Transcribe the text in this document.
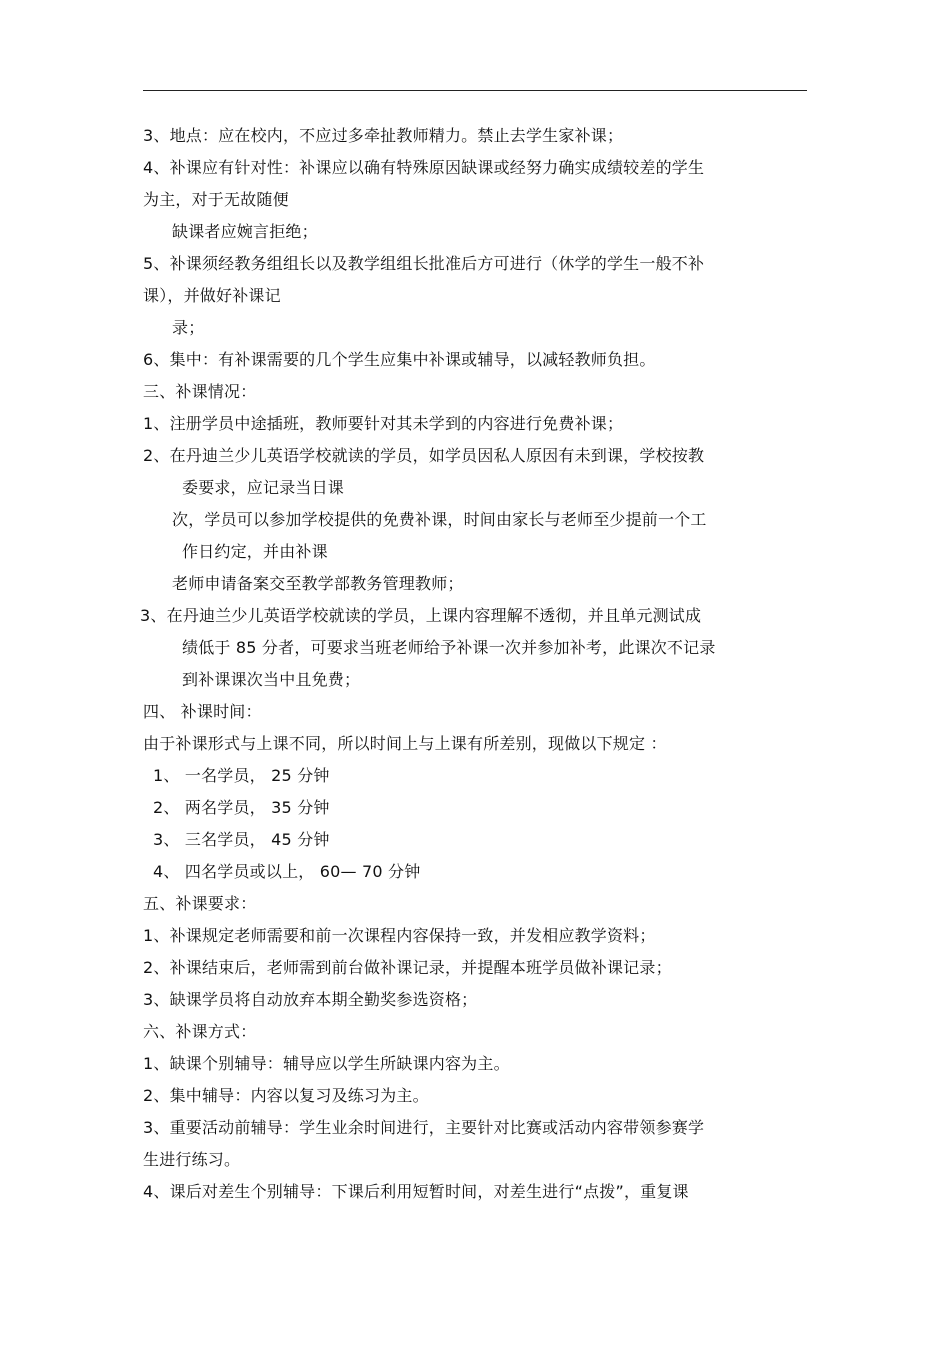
3、地点：应在校内，不应过多牵扯教师精力。禁止去学生家补课；
4、补课应有针对性：补课应以确有特殊原因缺课或经努力确实成绩较差的学生
为主，对于无故随便
缺课者应婉言拒绝；
5、补课须经教务组组长以及教学组组长批准后方可进行（休学的学生一般不补
课），并做好补课记
录；
6、集中：有补课需要的几个学生应集中补课或辅导，以减轻教师负担。
三、补课情况：
1、注册学员中途插班，教师要针对其未学到的内容进行免费补课；
2、在丹迪兰少儿英语学校就读的学员，如学员因私人原因有未到课，学校按教
委要求，应记录当日课
次，学员可以参加学校提供的免费补课，时间由家长与老师至少提前一个工
作日约定，并由补课
老师申请备案交至教学部教务管理教师；
3、在丹迪兰少儿英语学校就读的学员，上课内容理解不透彻，并且单元测试成
绩低于 85 分者，可要求当班老师给予补课一次并参加补考，此课次不记录
到补课课次当中且免费；
四、 补课时间：
由于补课形式与上课不同，所以时间上与上课有所差别，现做以下规定 ：
1、 一名学员， 25 分钟
2、 两名学员， 35 分钟
3、 三名学员， 45 分钟
4、 四名学员或以上， 60— 70 分钟
五、补课要求：
1、补课规定老师需要和前一次课程内容保持一致，并发相应教学资料；
2、补课结束后，老师需到前台做补课记录，并提醒本班学员做补课记录；
3、缺课学员将自动放弃本期全勤奖参选资格；
六、补课方式：
1、缺课个别辅导：辅导应以学生所缺课内容为主。
2、集中辅导：内容以复习及练习为主。
3、重要活动前辅导：学生业余时间进行，主要针对比赛或活动内容带领参赛学
生进行练习。
4、课后对差生个别辅导：下课后利用短暂时间，对差生进行“点拨”，重复课
